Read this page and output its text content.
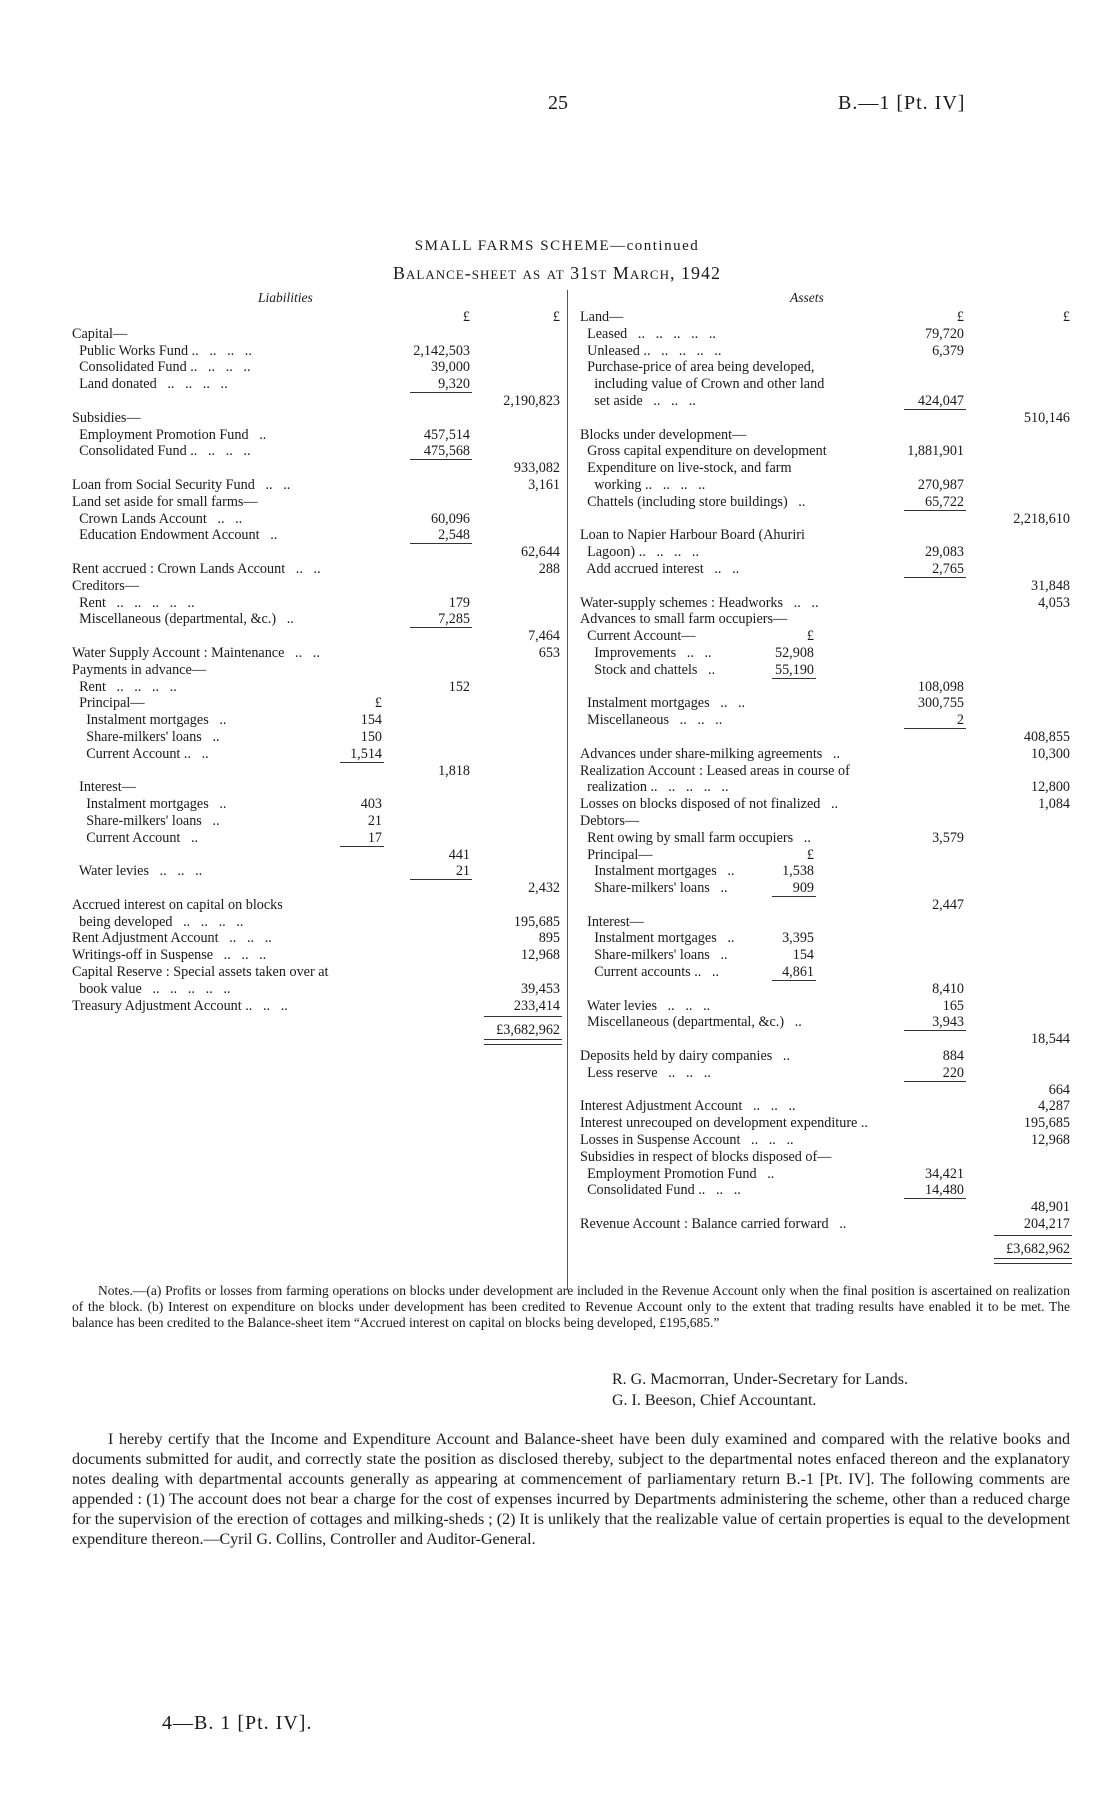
25	B.—1 [Pt. IV]
SMALL FARMS SCHEME—continued
Balance-sheet as at 31st March, 1942
Liabilities	Assets
£	£
Capital—
Public Works Fund ..   ..   ..   ..	2,142,503
Consolidated Fund ..   ..   ..   ..	39,000
Land donated   ..   ..   ..   ..	9,320
2,190,823
Subsidies—
Employment Promotion Fund   ..	457,514
Consolidated Fund ..   ..   ..   ..	475,568
933,082
Loan from Social Security Fund   ..   ..	3,161
Land set aside for small farms—
Crown Lands Account   ..   ..	60,096
Education Endowment Account   ..	2,548
62,644
Rent accrued : Crown Lands Account   ..   ..	288
Creditors—
Rent   ..   ..   ..   ..   ..	179
Miscellaneous (departmental, &c.)   ..	7,285
7,464
Water Supply Account : Maintenance   ..   ..	653
Payments in advance—
Rent   ..   ..   ..   ..	152
Principal—	£
Instalment mortgages   ..	154
Share-milkers' loans   ..	150
Current Account ..   ..	1,514
1,818
Interest—
Instalment mortgages   ..	403
Share-milkers' loans   ..	21
Current Account   ..	17
441
Water levies   ..   ..   ..	21
2,432
Accrued interest on capital on blocks
being developed   ..   ..   ..   ..	195,685
Rent Adjustment Account   ..   ..   ..	895
Writings-off in Suspense   ..   ..   ..	12,968
Capital Reserve : Special assets taken over at
book value   ..   ..   ..   ..   ..	39,453
Treasury Adjustment Account ..   ..   ..	233,414
£3,682,962
Land—	£	£
Leased   ..   ..   ..   ..   ..	79,720
Unleased ..   ..   ..   ..   ..	6,379
Purchase-price of area being developed,
including value of Crown and other land
set aside   ..   ..   ..	424,047
510,146
Blocks under development—
Gross capital expenditure on development	1,881,901
Expenditure on live-stock, and farm
working ..   ..   ..   ..	270,987
Chattels (including store buildings)   ..	65,722
2,218,610
Loan to Napier Harbour Board (Ahuriri
Lagoon) ..   ..   ..   ..	29,083
Add accrued interest   ..   ..	2,765
31,848
Water-supply schemes : Headworks   ..   ..	4,053
Advances to small farm occupiers—
Current Account—	£
Improvements   ..   ..	52,908
Stock and chattels   ..	55,190
108,098
Instalment mortgages   ..   ..	300,755
Miscellaneous   ..   ..   ..	2
408,855
Advances under share-milking agreements   ..	10,300
Realization Account : Leased areas in course of
realization ..   ..   ..   ..   ..	12,800
Losses on blocks disposed of not finalized   ..	1,084
Debtors—
Rent owing by small farm occupiers   ..	3,579
Principal—	£
Instalment mortgages   ..	1,538
Share-milkers' loans   ..	909
2,447
Interest—
Instalment mortgages   ..	3,395
Share-milkers' loans   ..	154
Current accounts ..   ..	4,861
8,410
Water levies   ..   ..   ..	165
Miscellaneous (departmental, &c.)   ..	3,943
18,544
Deposits held by dairy companies   ..	884
Less reserve   ..   ..   ..	220
664
Interest Adjustment Account   ..   ..   ..	4,287
Interest unrecouped on development expenditure ..	195,685
Losses in Suspense Account   ..   ..   ..	12,968
Subsidies in respect of blocks disposed of—
Employment Promotion Fund   ..	34,421
Consolidated Fund ..   ..   ..	14,480
48,901
Revenue Account : Balance carried forward   ..	204,217
£3,682,962
Notes.—(a) Profits or losses from farming operations on blocks under development are included in the Revenue Account only when the final position is ascertained on realization of the block. (b) Interest on expenditure on blocks under development has been credited to Revenue Account only to the extent that trading results have enabled it to be met. The balance has been credited to the Balance-sheet item “Accrued interest on capital on blocks being developed, £195,685.”
R. G. Macmorran, Under-Secretary for Lands.
G. I. Beeson, Chief Accountant.
I hereby certify that the Income and Expenditure Account and Balance-sheet have been duly examined and compared with the relative books and documents submitted for audit, and correctly state the position as disclosed thereby, subject to the departmental notes enfaced thereon and the explanatory notes dealing with departmental accounts generally as appearing at commencement of parliamentary return B.-1 [Pt. IV]. The following comments are appended : (1) The account does not bear a charge for the cost of expenses incurred by Departments administering the scheme, other than a reduced charge for the supervision of the erection of cottages and milking-sheds ; (2) It is unlikely that the realizable value of certain properties is equal to the development expenditure thereon.—Cyril G. Collins, Controller and Auditor-General.
4—B. 1 [Pt. IV].
